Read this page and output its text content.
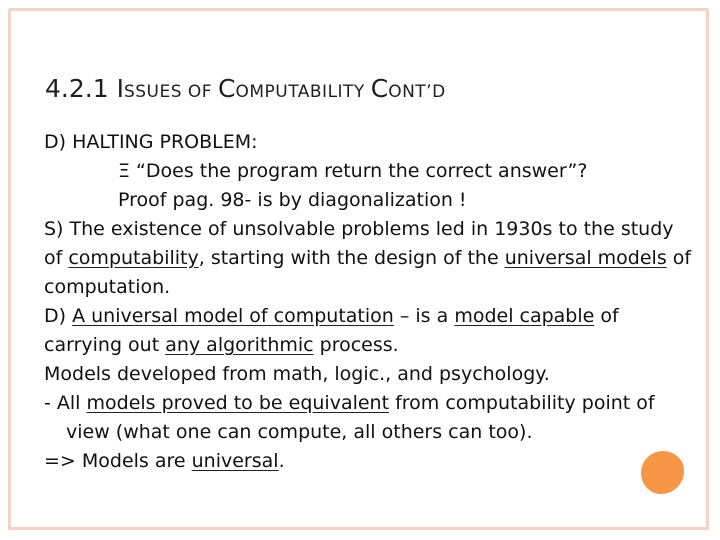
4.2.1 ISSUES OF COMPUTABILITY CONT’D

D) HALTING PROBLEM:

Ξ “Does the program return the correct answer”?

Proof pag. 98- is by diagonalization !

S) The existence of unsolvable problems led in 1930s to the study of computability, starting with the design of the universal models of computation.

D) A universal model of computation – is a model capable of carrying out any algorithmic process.

Models developed from math, logic., and psychology.

- All models proved to be equivalent from computability point of view (what one can compute, all others can too).

=> Models are universal.
